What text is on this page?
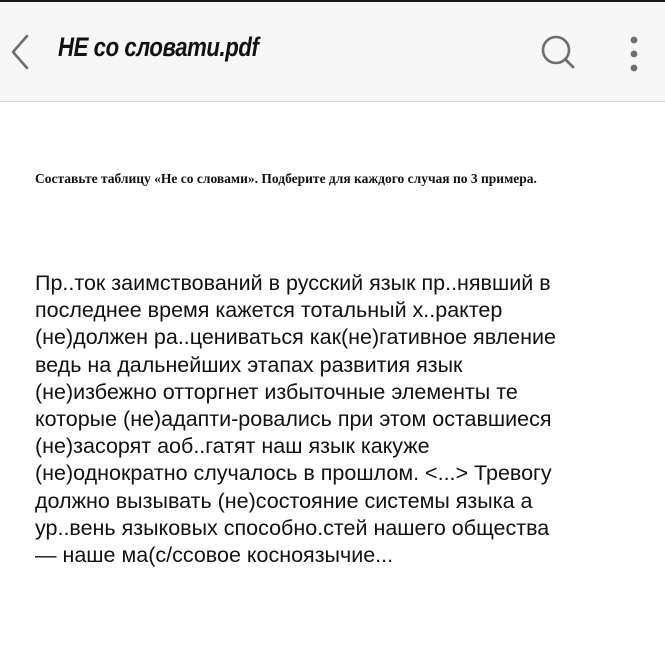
НЕ со словати.pdf
Составьте таблицу «Не со словами». Подберите для каждого случая по 3 примера.
Пр..ток заимствований в русский язык пр..нявший в
последнее время кажется тотальный х..рактер
(не)должен ра..цениваться как(не)гативное явление
ведь на дальнейших этапах развития язык
(не)избежно отторгнет избыточные элементы те
которые (не)адапти-ровались при этом оставшиеся
(не)засорят аоб..гатят наш язык какуже
(не)однократно случалось в прошлом. <...> Тревогу
должно вызывать (не)состояние системы языка а
ур..вень языковых способно.стей нашего общества
— наше ма(с/ссовое косноязычие...
